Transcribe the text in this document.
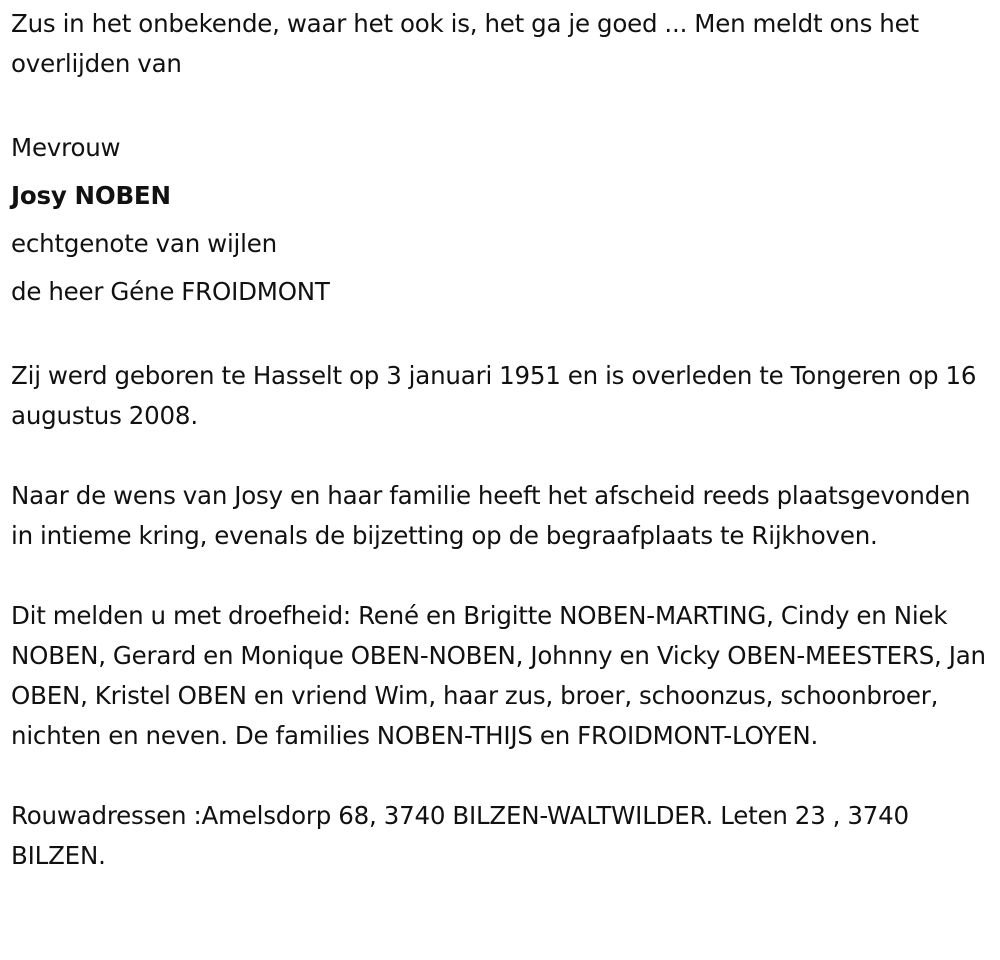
Zus in het onbekende, waar het ook is, het ga je goed ... Men meldt ons het overlijden van

Mevrouw

Josy NOBEN

echtgenote van wijlen

de heer Géne FROIDMONT

Zij werd geboren te Hasselt op 3 januari 1951 en is overleden te Tongeren op 16 augustus 2008.

Naar de wens van Josy en haar familie heeft het afscheid reeds plaatsgevonden in intieme kring, evenals de bijzetting op de begraafplaats te Rijkhoven.

Dit melden u met droefheid: René en Brigitte NOBEN-MARTING, Cindy en Niek NOBEN, Gerard en Monique OBEN-NOBEN, Johnny en Vicky OBEN-MEESTERS, Jan OBEN, Kristel OBEN en vriend Wim, haar zus, broer, schoonzus, schoonbroer, nichten en neven. De families NOBEN-THIJS en FROIDMONT-LOYEN.

Rouwadressen :Amelsdorp 68, 3740 BILZEN-WALTWILDER. Leten 23 , 3740 BILZEN.
